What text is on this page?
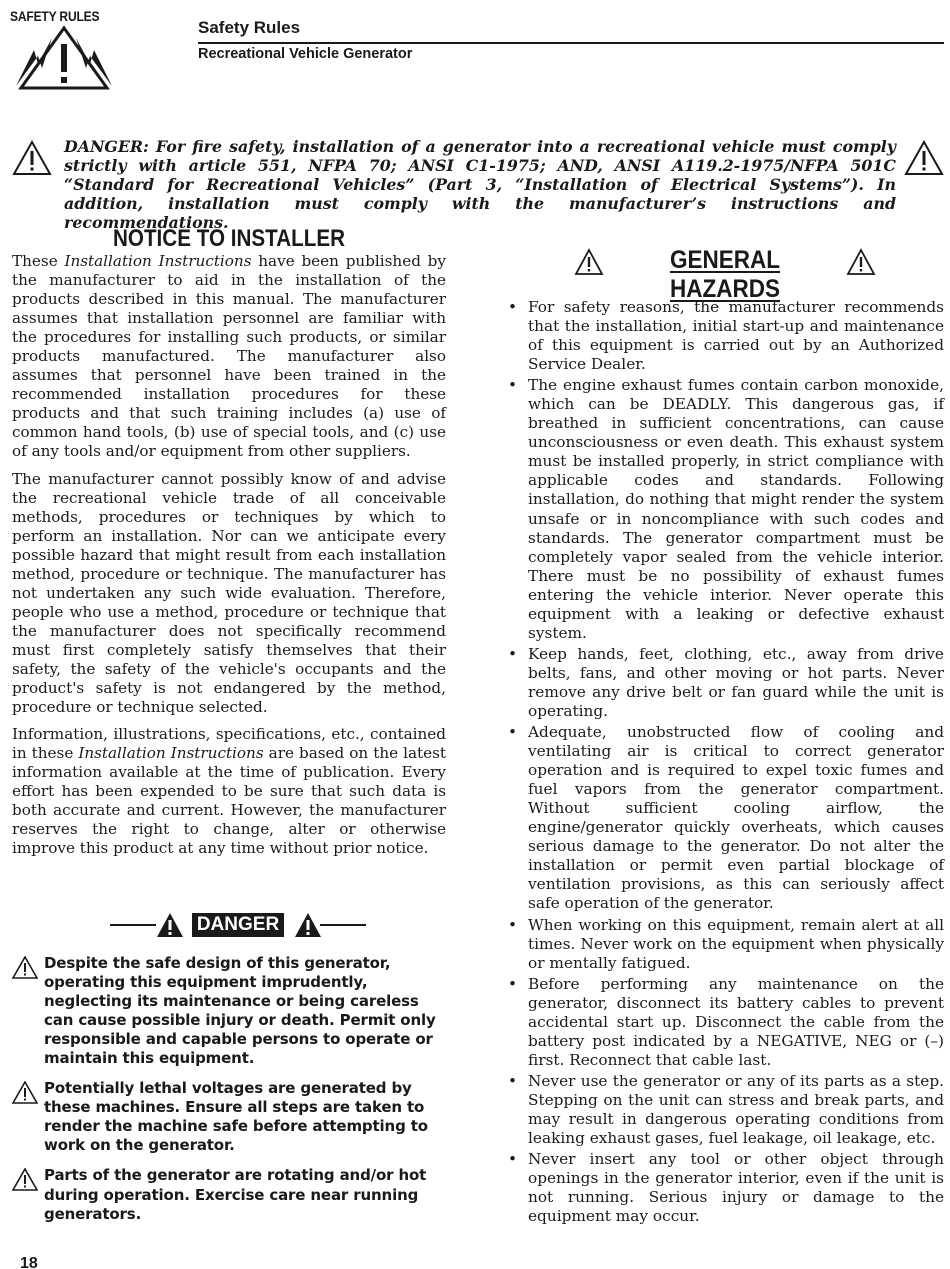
SAFETY RULES
Safety Rules
Recreational Vehicle Generator
DANGER: For fire safety, installation of a generator into a recreational vehicle must comply strictly with article 551, NFPA 70; ANSI C1-1975; AND, ANSI A119.2-1975/NFPA 501C “Standard for Recreational Vehicles” (Part 3, “Installation of Electrical Systems”). In addition, installation must comply with the manufacturer’s instructions and recommendations.
NOTICE TO INSTALLER

These Installation Instructions have been published by the manufacturer to aid in the installation of the products described in this manual. The manufacturer assumes that installation personnel are familiar with the procedures for installing such products, or similar products manufactured. The manufacturer also assumes that personnel have been trained in the recommended installation procedures for these products and that such training includes (a) use of common hand tools, (b) use of special tools, and (c) use of any tools and/or equipment from other suppliers.

The manufacturer cannot possibly know of and advise the recreational vehicle trade of all conceivable methods, procedures or techniques by which to perform an installation. Nor can we anticipate every possible hazard that might result from each installation method, procedure or technique. The manufacturer has not undertaken any such wide evaluation. Therefore, people who use a method, procedure or technique that the manufacturer does not specifically recommend must first completely satisfy themselves that their safety, the safety of the vehicle's occupants and the product's safety is not endangered by the method, procedure or technique selected.

Information, illustrations, specifications, etc., contained in these Installation Instructions are based on the latest information available at the time of publication. Every effort has been expended to be sure that such data is both accurate and current. However, the manufacturer reserves the right to change, alter or otherwise improve this product at any time without prior notice.

DANGER
Despite the safe design of this generator, operating this equipment imprudently, neglecting its maintenance or being careless can cause possible injury or death. Permit only responsible and capable persons to operate or maintain this equipment.
Potentially lethal voltages are generated by these machines. Ensure all steps are taken to render the machine safe before attempting to work on the generator.
Parts of the generator are rotating and/or hot during operation. Exercise care near running generators.
GENERAL HAZARDS
• For safety reasons, the manufacturer recommends that the installation, initial start-up and maintenance of this equipment is carried out by an Authorized Service Dealer.
• The engine exhaust fumes contain carbon monoxide, which can be DEADLY. This dangerous gas, if breathed in sufficient concentrations, can cause unconsciousness or even death. This exhaust system must be installed properly, in strict compliance with applicable codes and standards. Following installation, do nothing that might render the system unsafe or in noncompliance with such codes and standards. The generator compartment must be completely vapor sealed from the vehicle interior. There must be no possibility of exhaust fumes entering the vehicle interior. Never operate this equipment with a leaking or defective exhaust system.
• Keep hands, feet, clothing, etc., away from drive belts, fans, and other moving or hot parts. Never remove any drive belt or fan guard while the unit is operating.
• Adequate, unobstructed flow of cooling and ventilating air is critical to correct generator operation and is required to expel toxic fumes and fuel vapors from the generator compartment. Without sufficient cooling airflow, the engine/generator quickly overheats, which causes serious damage to the generator. Do not alter the installation or permit even partial blockage of ventilation provisions, as this can seriously affect safe operation of the generator.
• When working on this equipment, remain alert at all times. Never work on the equipment when physically or mentally fatigued.
• Before performing any maintenance on the generator, disconnect its battery cables to prevent accidental start up. Disconnect the cable from the battery post indicated by a NEGATIVE, NEG or (–) first. Reconnect that cable last.
• Never use the generator or any of its parts as a step. Stepping on the unit can stress and break parts, and may result in dangerous operating conditions from leaking exhaust gases, fuel leakage, oil leakage, etc.
• Never insert any tool or other object through openings in the generator interior, even if the unit is not running. Serious injury or damage to the equipment may occur.
18
